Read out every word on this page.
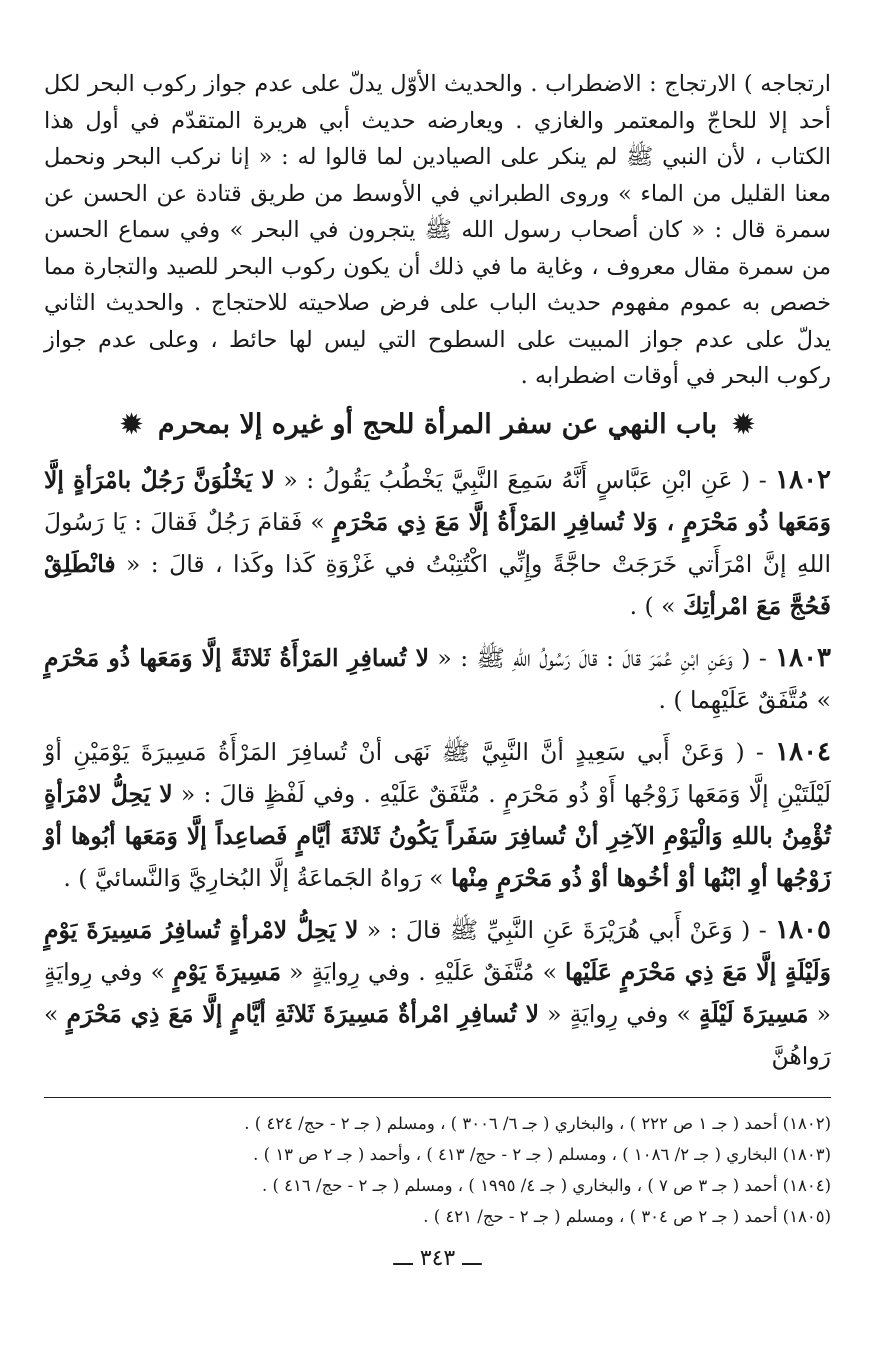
ارتجاجه ) الارتجاج : الاضطراب . والحديث الأوّل يدلّ على عدم جواز ركوب البحر لكل أحد إلا للحاجّ والمعتمر والغازي . ويعارضه حديث أبي هريرة المتقدّم في أول هذا الكتاب ، لأن النبي ﷺ لم ينكر على الصيادين لما قالوا له : « إنا نركب البحر ونحمل معنا القليل من الماء » وروى الطبراني في الأوسط من طريق قتادة عن الحسن عن سمرة قال : « كان أصحاب رسول الله ﷺ يتجرون في البحر » وفي سماع الحسن من سمرة مقال معروف ، وغاية ما في ذلك أن يكون ركوب البحر للصيد والتجارة مما خصص به عموم مفهوم حديث الباب على فرض صلاحيته للاحتجاج . والحديث الثاني يدلّ على عدم جواز المبيت على السطوح التي ليس لها حائط ، وعلى عدم جواز ركوب البحر في أوقات اضطرابه .
✹ باب النهي عن سفر المرأة للحج أو غيره إلا بمحرم ✹

١٨٠٢ - ( عَنِ ابْنِ عَبَّاسٍ أَنَّهُ سَمِعَ النَّبِيَّ يَخْطُبُ يَقُولُ : « لا يَخْلُوَنَّ رَجُلٌ بامْرَأةٍ إلَّا وَمَعَها ذُو مَحْرَمٍ ، وَلا تُسافِرِ المَرْأَةُ إلَّا مَعَ ذِي مَحْرَمٍ » فَقامَ رَجُلٌ فَقالَ : يَا رَسُولَ اللهِ إنَّ امْرَأَتي خَرَجَتْ حاجَّةً وإِنِّي اكْتُتِبْتُ في غَزْوَةِ كَذا وكَذا ، قالَ : « فانْطَلِقْ فَحُجَّ مَعَ امْرأتِكَ » ) .

١٨٠٣ - ( وَعَنِ ابْنِ عُمَرَ قالَ : قالَ رَسُولُ اللهِ ﷺ : « لا تُسافِرِ المَرْأَةُ ثَلاثَةً إلَّا وَمَعَها ذُو مَحْرَمٍ » مُتَّفَقٌ عَلَيْهِما ) .

١٨٠٤ - ( وَعَنْ أَبي سَعِيدٍ أنَّ النَّبِيَّ ﷺ نَهَى أنْ تُسافِرَ المَرْأَةُ مَسِيرَةَ يَوْمَيْنِ أوْ لَيْلَتَيْنِ إلَّا وَمَعَها زَوْجُها أَوْ ذُو مَحْرَمٍ . مُتَّفَقٌ عَلَيْهِ . وفي لَفْظٍ قالَ : « لا يَحِلُّ لامْرَأةٍ تُؤْمِنُ باللهِ وَالْيَوْمِ الآخِرِ أنْ تُسافِرَ سَفَراً يَكُونُ ثَلاثَةَ أيَّامٍ فَصاعِداً إلَّا وَمَعَها أبُوها أوْ زَوْجُها أوِ ابْنُها أوْ أخُوها أوْ ذُو مَحْرَمٍ مِنْها » رَواهُ الجَماعَةُ إلَّا البُخارِيَّ وَالنَّسائيَّ ) .

١٨٠٥ - ( وَعَنْ أَبي هُرَيْرَةَ عَنِ النَّبِيِّ ﷺ قالَ : « لا يَحِلُّ لامْرأةٍ تُسافِرُ مَسِيرَةَ يَوْمٍ وَلَيْلَةٍ إلَّا مَعَ ذِي مَحْرَمٍ عَلَيْها » مُتَّفَقٌ عَلَيْهِ . وفي رِوايَةٍ « مَسِيرَةَ يَوْمٍ » وفي رِوايَةٍ « مَسِيرَةَ لَيْلَةٍ » وفي رِوايَةٍ « لا تُسافِرِ امْرأةٌ مَسِيرَةَ ثَلاثَةِ أيَّامٍ إلَّا مَعَ ذِي مَحْرَمٍ » رَواهُنَّ

(١٨٠٢) أحمد ( جـ ١ ص ٢٢٢ ) ، والبخاري ( جـ ٦/ ٣٠٠٦ ) ، ومسلم ( جـ ٢ - حج/ ٤٢٤ ) .

(١٨٠٣) البخاري ( جـ ٢/ ١٠٨٦ ) ، ومسلم ( جـ ٢ - حج/ ٤١٣ ) ، وأحمد ( جـ ٢ ص ١٣ ) .

(١٨٠٤) أحمد ( جـ ٣ ص ٧ ) ، والبخاري ( جـ ٤/ ١٩٩٥ ) ، ومسلم ( جـ ٢ - حج/ ٤١٦ ) .

(١٨٠٥) أحمد ( جـ ٢ ص ٣٠٤ ) ، ومسلم ( جـ ٢ - حج/ ٤٢١ ) .

ـــ ٣٤٣ ـــ
